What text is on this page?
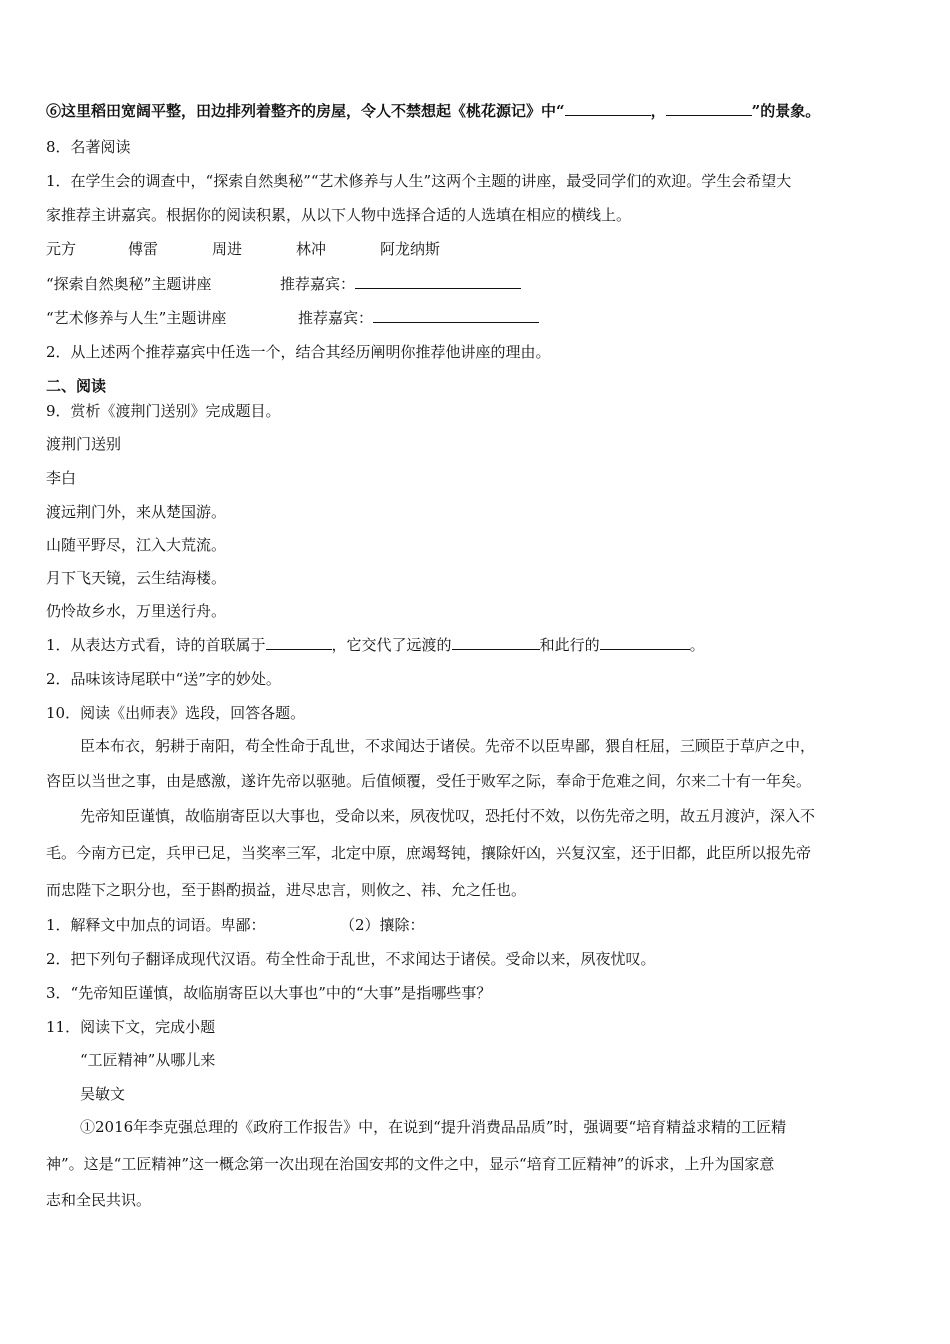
⑥这里稻田宽阔平整，田边排列着整齐的房屋，令人不禁想起《桃花源记》中“	，	”的景象。
8．名著阅读
1．在学生会的调查中，“探索自然奥秘”“艺术修养与人生”这两个主题的讲座，最受同学们的欢迎。学生会希望大
家推荐主讲嘉宾。根据你的阅读积累，从以下人物中选择合适的人选填在相应的横线上。
元方	傅雷	周进	林冲	阿龙纳斯
“探索自然奥秘”主题讲座	推荐嘉宾：
“艺术修养与人生”主题讲座	推荐嘉宾：
2．从上述两个推荐嘉宾中任选一个，结合其经历阐明你推荐他讲座的理由。
二、阅读
9．赏析《渡荆门送别》完成题目。
渡荆门送别
李白
渡远荆门外，来从楚国游。
山随平野尽，江入大荒流。
月下飞天镜，云生结海楼。
仍怜故乡水，万里送行舟。
1．从表达方式看，诗的首联属于	，它交代了远渡的	和此行的	。
2．品味该诗尾联中“送”字的妙处。
10．阅读《出师表》选段，回答各题。
臣本布衣，躬耕于南阳，苟全性命于乱世，不求闻达于诸侯。先帝不以臣卑鄙，猥自枉屈，三顾臣于草庐之中，
咨臣以当世之事，由是感激，遂许先帝以驱驰。后值倾覆，受任于败军之际，奉命于危难之间，尔来二十有一年矣。
先帝知臣谨慎，故临崩寄臣以大事也，受命以来，夙夜忧叹，恐托付不效，以伤先帝之明，故五月渡泸，深入不
毛。今南方已定，兵甲已足，当奖率三军，北定中原，庶竭驽钝，攘除奸凶，兴复汉室，还于旧都，此臣所以报先帝
而忠陛下之职分也，至于斟酌损益，进尽忠言，则攸之、祎、允之任也。
1．解释文中加点的词语。卑鄙：	（2）攘除：
2．把下列句子翻译成现代汉语。苟全性命于乱世，不求闻达于诸侯。受命以来，夙夜忧叹。
3．“先帝知臣谨慎，故临崩寄臣以大事也”中的“大事”是指哪些事？
11．阅读下文，完成小题
“工匠精神”从哪儿来
吴敏文
①2016年李克强总理的《政府工作报告》中，在说到“提升消费品品质”时，强调要“培育精益求精的工匠精
神”。这是“工匠精神”这一概念第一次出现在治国安邦的文件之中，显示“培育工匠精神”的诉求，上升为国家意
志和全民共识。
